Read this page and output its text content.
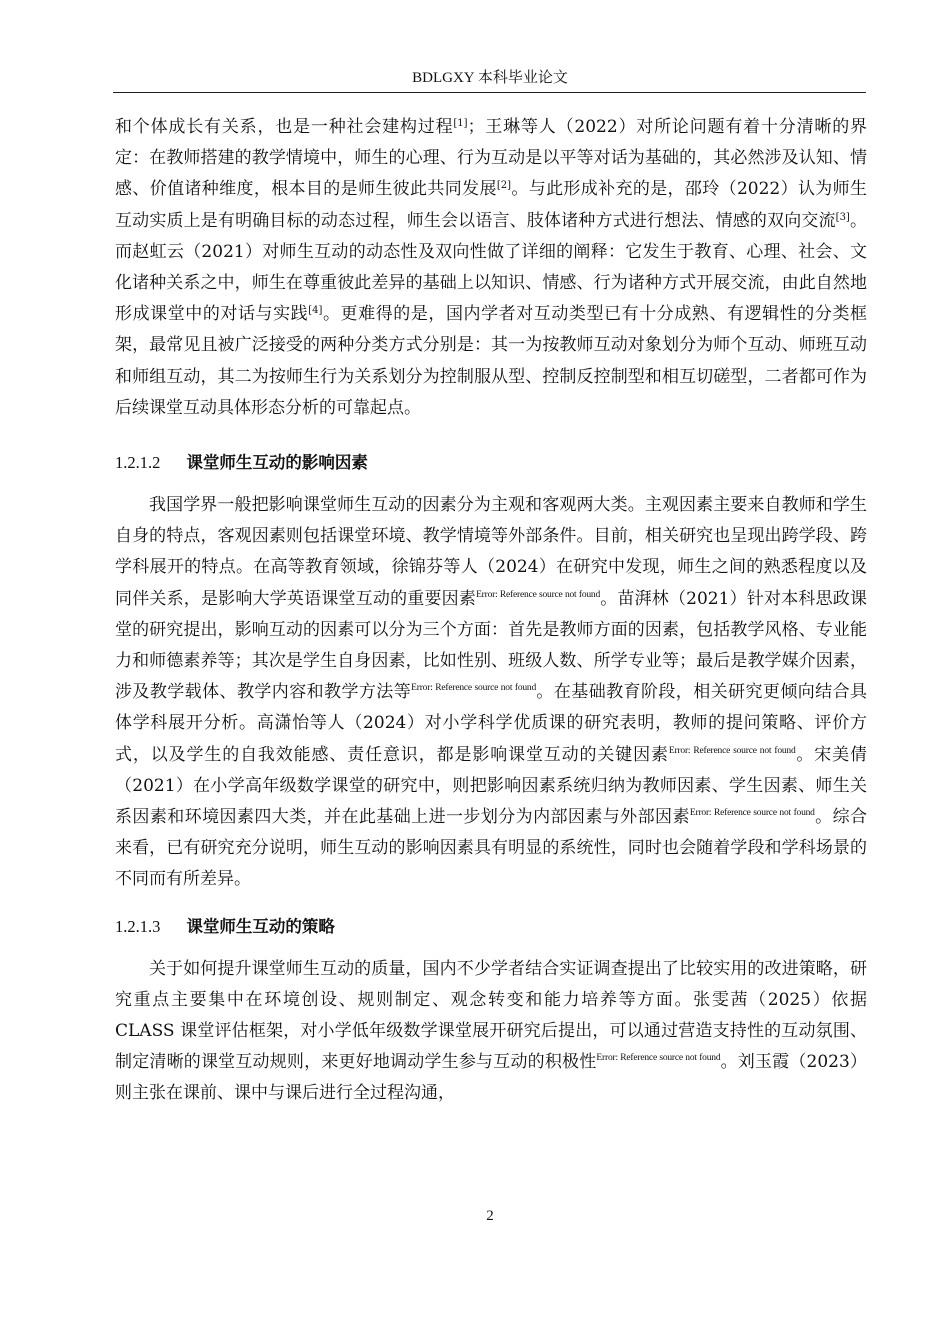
BDLGXY 本科毕业论文

和个体成长有关系，也是一种社会建构过程[1]；王琳等人（2022）对所论问题有着十分清晰的界定：在教师搭建的教学情境中，师生的心理、行为互动是以平等对话为基础的，其必然涉及认知、情感、价值诸种维度，根本目的是师生彼此共同发展[2]。与此形成补充的是，邵玲（2022）认为师生互动实质上是有明确目标的动态过程，师生会以语言、肢体诸种方式进行想法、情感的双向交流[3]。而赵虹云（2021）对师生互动的动态性及双向性做了详细的阐释：它发生于教育、心理、社会、文化诸种关系之中，师生在尊重彼此差异的基础上以知识、情感、行为诸种方式开展交流，由此自然地形成课堂中的对话与实践[4]。更难得的是，国内学者对互动类型已有十分成熟、有逻辑性的分类框架，最常见且被广泛接受的两种分类方式分别是：其一为按教师互动对象划分为师个互动、师班互动和师组互动，其二为按师生行为关系划分为控制服从型、控制反控制型和相互切磋型，二者都可作为后续课堂互动具体形态分析的可靠起点。

1.2.1.2 课堂师生互动的影响因素

我国学界一般把影响课堂师生互动的因素分为主观和客观两大类。主观因素主要来自教师和学生自身的特点，客观因素则包括课堂环境、教学情境等外部条件。目前，相关研究也呈现出跨学段、跨学科展开的特点。在高等教育领域，徐锦芬等人（2024）在研究中发现，师生之间的熟悉程度以及同伴关系，是影响大学英语课堂互动的重要因素$^{Error: Reference source not found}$。苗湃林（2021）针对本科思政课堂的研究提出，影响互动的因素可以分为三个方面：首先是教师方面的因素，包括教学风格、专业能力和师德素养等；其次是学生自身因素，比如性别、班级人数、所学专业等；最后是教学媒介因素，涉及教学载体、教学内容和教学方法等$^{Error: Reference source not found}$。在基础教育阶段，相关研究更倾向结合具体学科展开分析。高潇怡等人（2024）对小学科学优质课的研究表明，教师的提问策略、评价方式，以及学生的自我效能感、责任意识，都是影响课堂互动的关键因素$^{Error: Reference source not found}$。宋美倩（2021）在小学高年级数学课堂的研究中，则把影响因素系统归纳为教师因素、学生因素、师生关系因素和环境因素四大类，并在此基础上进一步划分为内部因素与外部因素$^{Error: Reference source not found}$。综合来看，已有研究充分说明，师生互动的影响因素具有明显的系统性，同时也会随着学段和学科场景的不同而有所差异。

1.2.1.3 课堂师生互动的策略

关于如何提升课堂师生互动的质量，国内不少学者结合实证调查提出了比较实用的改进策略，研究重点主要集中在环境创设、规则制定、观念转变和能力培养等方面。张雯茜（2025）依据 CLASS 课堂评估框架，对小学低年级数学课堂展开研究后提出，可以通过营造支持性的互动氛围、制定清晰的课堂互动规则，来更好地调动学生参与互动的积极性$^{Error: Reference source not found}$。刘玉霞（2023）则主张在课前、课中与课后进行全过程沟通，

2
